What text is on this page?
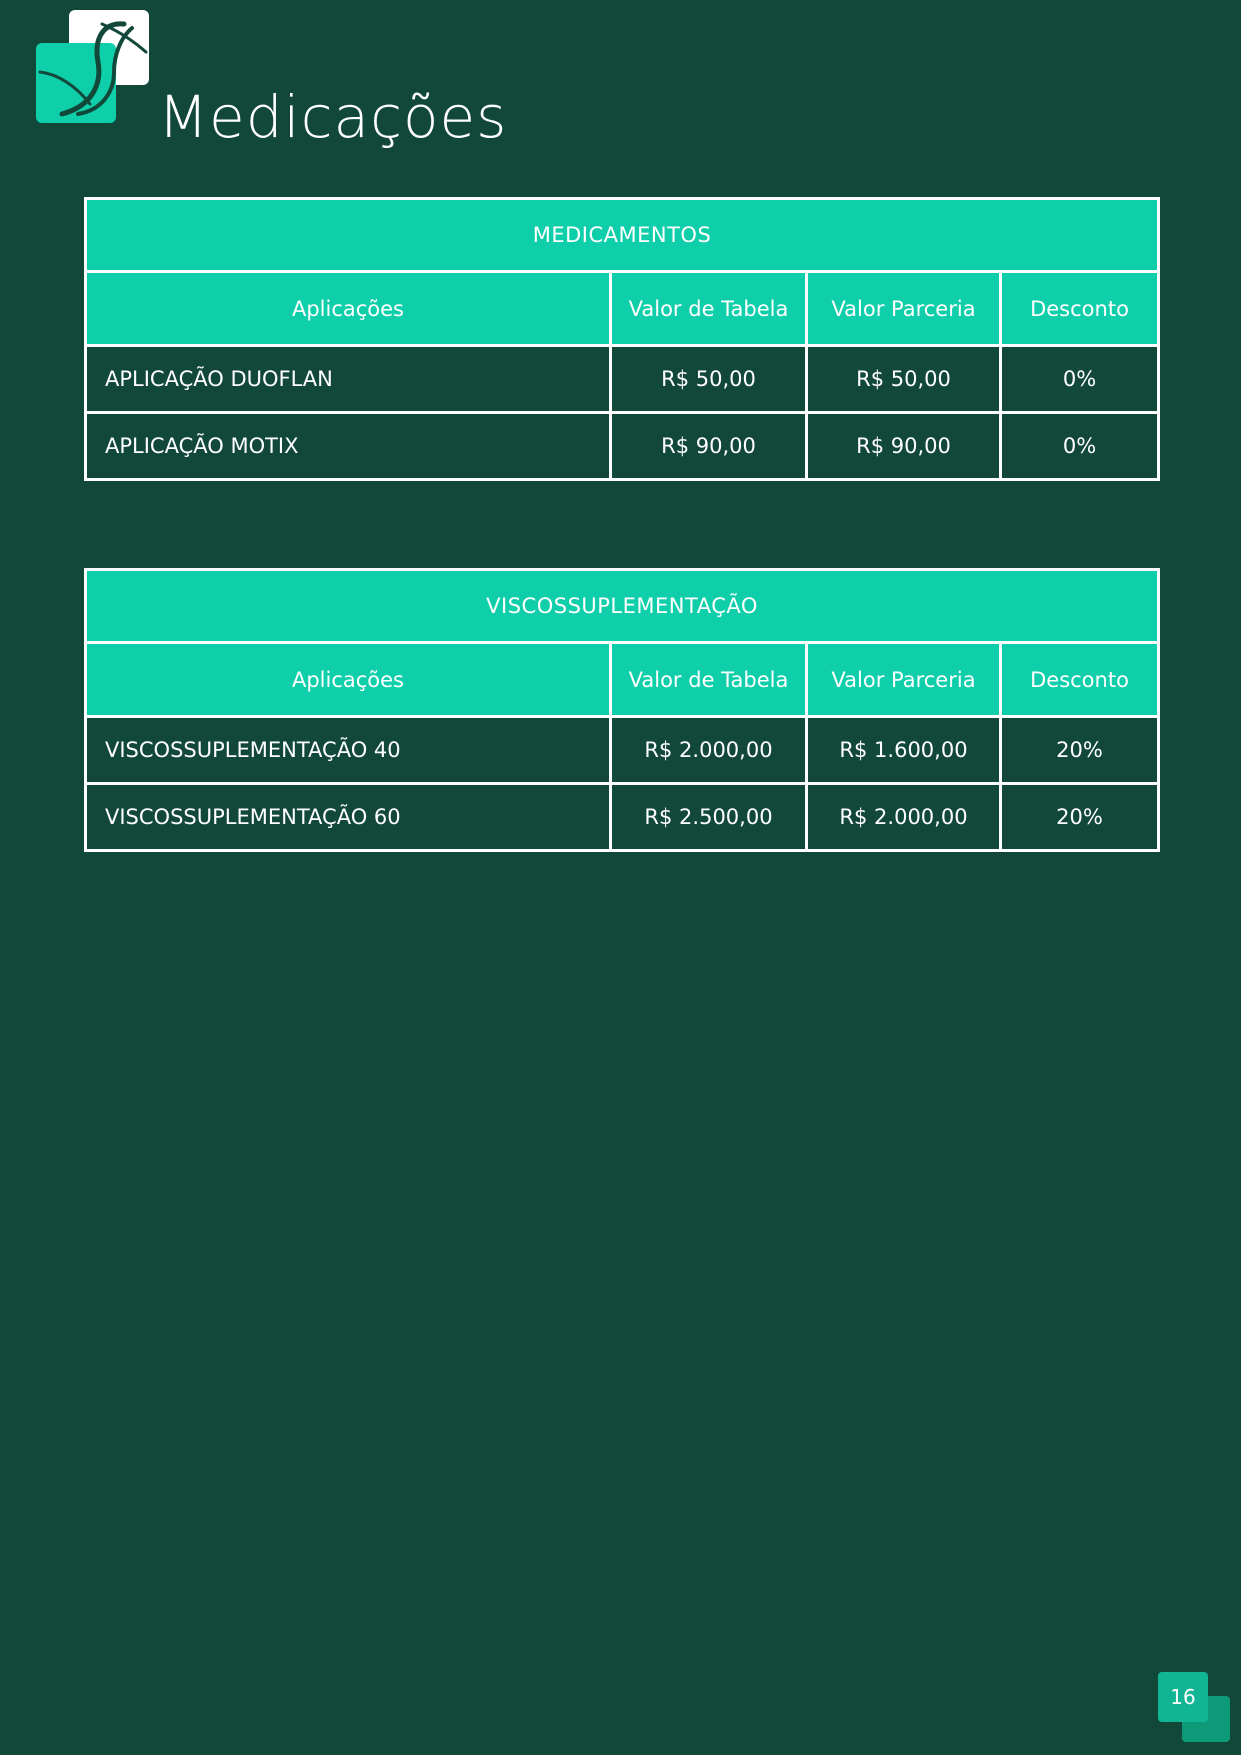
Medicações
MEDICAMENTOS			
Aplicações	Valor de Tabela	Valor Parceria	Desconto
APLICAÇÃO DUOFLAN	R$ 50,00	R$ 50,00	0%
APLICAÇÃO MOTIX	R$ 90,00	R$ 90,00	0%
VISCOSSUPLEMENTAÇÃO			
Aplicações	Valor de Tabela	Valor Parceria	Desconto
VISCOSSUPLEMENTAÇÃO 40	R$ 2.000,00	R$ 1.600,00	20%
VISCOSSUPLEMENTAÇÃO 60	R$ 2.500,00	R$ 2.000,00	20%
16
